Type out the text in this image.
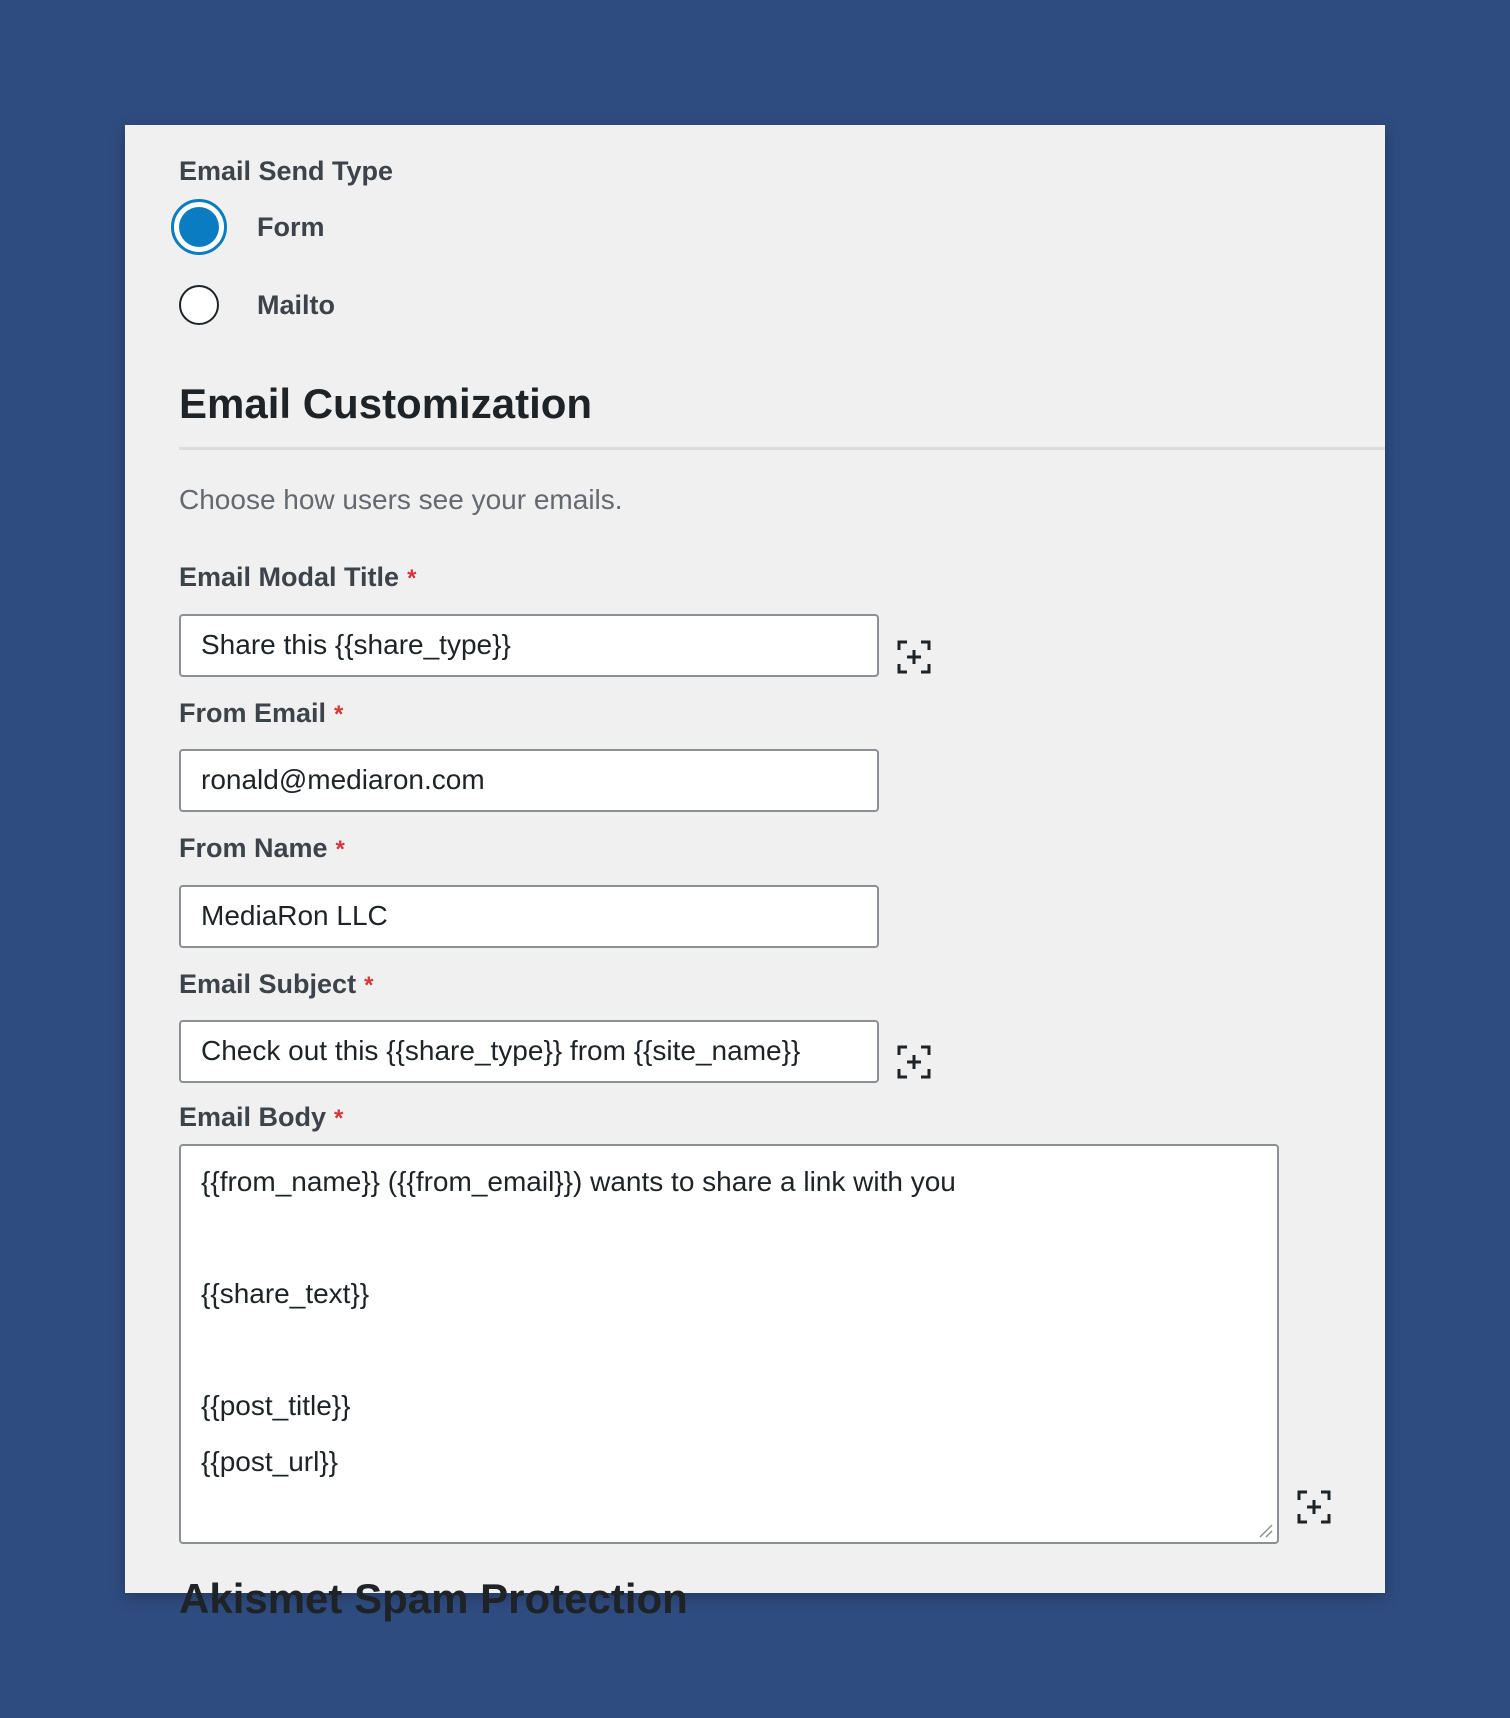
Email Send Type
Form
Mailto
Email Customization
Choose how users see your emails.
Email Modal Title *
Share this {{share_type}}
From Email *
ronald@mediaron.com
From Name *
MediaRon LLC
Email Subject *
Check out this {{share_type}} from {{site_name}}
Email Body *
{{from_name}} ({{from_email}}) wants to share a link with you
{{share_text}}
{{post_title}}
{{post_url}}
Akismet Spam Protection
